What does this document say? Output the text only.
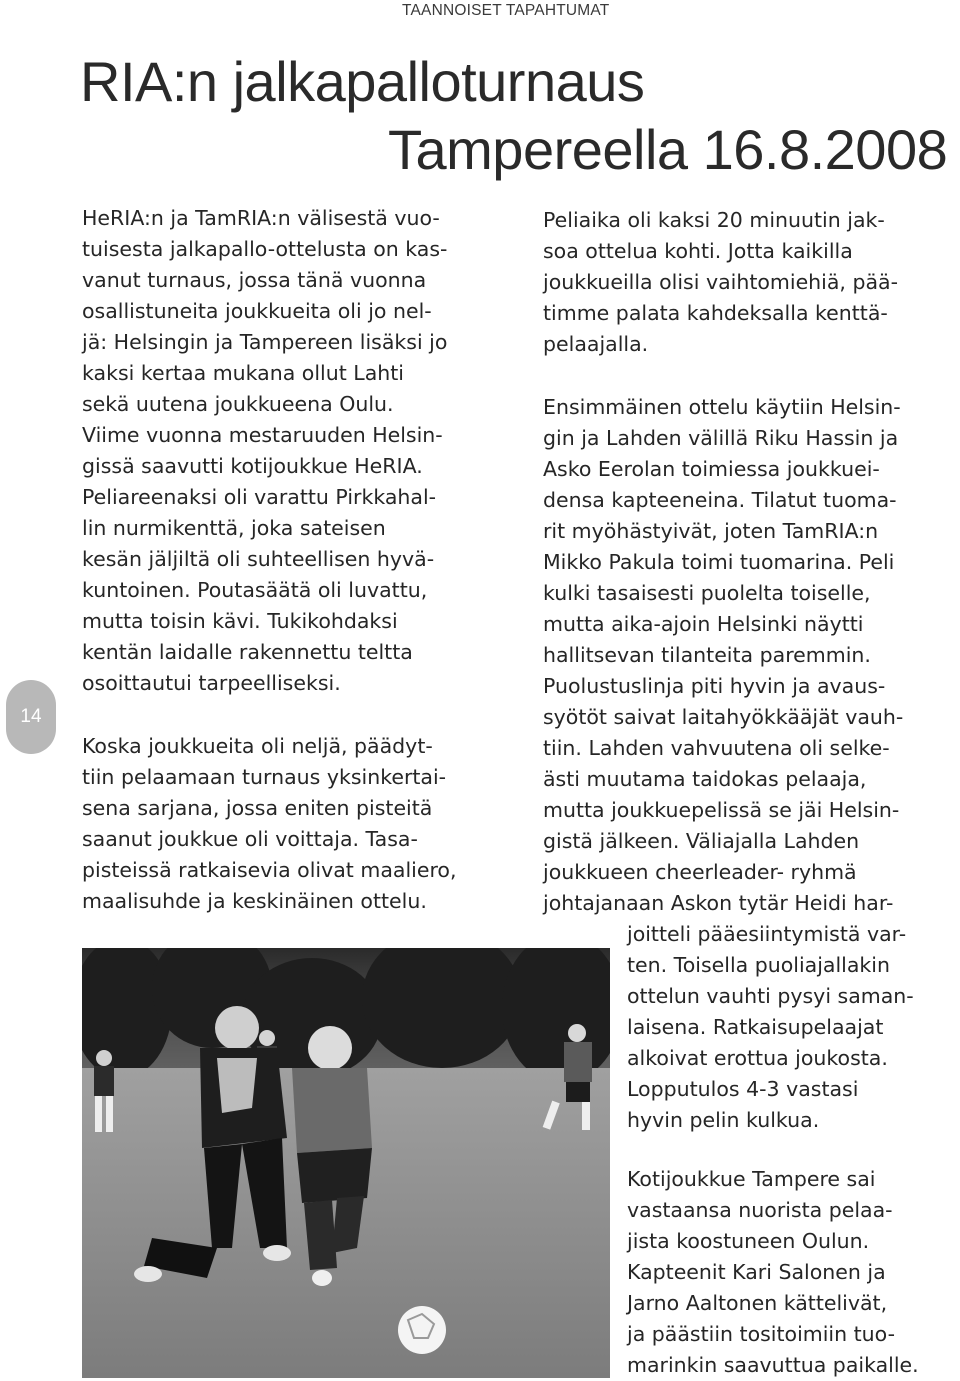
TAANNOISET TAPAHTUMAT
RIA:n jalkapalloturnaus
Tampereella 16.8.2008
14
HeRIA:n ja TamRIA:n välisestä vuo-
tuisesta jalkapallo-ottelusta on kas-
vanut turnaus, jossa tänä vuonna
osallistuneita joukkueita oli jo nel-
jä: Helsingin ja Tampereen lisäksi jo
kaksi kertaa mukana ollut Lahti
sekä uutena joukkueena Oulu.
Viime vuonna mestaruuden Helsin-
gissä saavutti kotijoukkue HeRIA.
Peliareenaksi oli varattu Pirkkahal-
lin nurmikenttä, joka sateisen
kesän jäljiltä oli suhteellisen hyvä-
kuntoinen. Poutasäätä oli luvattu,
mutta toisin kävi. Tukikohdaksi
kentän laidalle rakennettu teltta
osoittautui tarpeelliseksi.
Koska joukkueita oli neljä, päädyt-
tiin pelaamaan turnaus yksinkertai-
sena sarjana, jossa eniten pisteitä
saanut joukkue oli voittaja. Tasa-
pisteissä ratkaisevia olivat maaliero,
maalisuhde ja keskinäinen ottelu.
Peliaika oli kaksi 20 minuutin jak-
soa ottelua kohti. Jotta kaikilla
joukkueilla olisi vaihtomiehiä, pää-
timme palata kahdeksalla kenttä-
pelaajalla.
Ensimmäinen ottelu käytiin Helsin-
gin ja Lahden välillä Riku Hassin ja
Asko Eerolan toimiessa joukkuei-
densa kapteeneina. Tilatut tuoma-
rit myöhästyivät, joten TamRIA:n
Mikko Pakula toimi tuomarina. Peli
kulki tasaisesti puolelta toiselle,
mutta aika-ajoin Helsinki näytti
hallitsevan tilanteita paremmin.
Puolustuslinja piti hyvin ja avaus-
syötöt saivat laitahyökkääjät vauh-
tiin. Lahden vahvuutena oli selke-
ästi muutama taidokas pelaaja,
mutta joukkuepelissä se jäi Helsin-
gistä jälkeen. Väliajalla Lahden
joukkueen cheerleader- ryhmä
johtajanaan Askon tytär Heidi har-
joitteli pääesiintymistä var-
ten. Toisella puoliajallakin
ottelun vauhti pysyi saman-
laisena. Ratkaisupelaajat
alkoivat erottua joukosta.
Lopputulos 4-3 vastasi
hyvin pelin kulkua.
Kotijoukkue Tampere sai
vastaansa nuorista pelaa-
jista koostuneen Oulun.
Kapteenit Kari Salonen ja
Jarno Aaltonen kättelivät,
ja päästiin tositoimiin tuo-
marinkin saavuttua paikalle.
